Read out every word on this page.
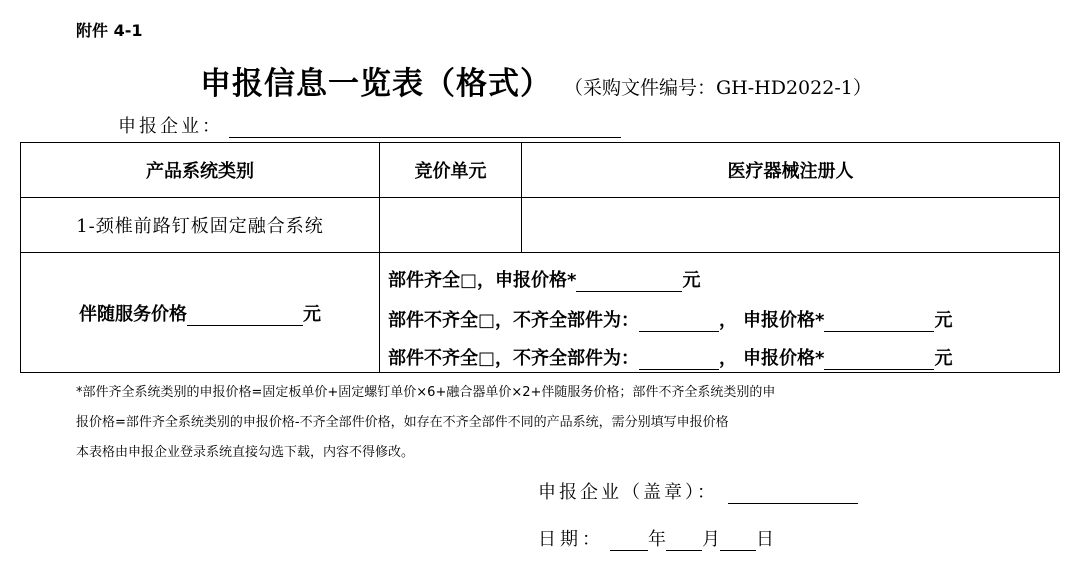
附件 4-1
申报信息一览表（格式） （采购文件编号：GH-HD2022-1）
申报企业：
产品系统类别	竞价单元	医疗器械注册人
1-颈椎前路钉板固定融合系统
伴随服务价格	元
部件齐全□， 申报价格*	元
部件不齐全□， 不齐全部件为：	， 申报价格*	元
部件不齐全□， 不齐全部件为：	， 申报价格*	元
*部件齐全系统类别的申报价格=固定板单价+固定螺钉单价×6+融合器单价×2+伴随服务价格；部件不齐全系统类别的申
报价格=部件齐全系统类别的申报价格-不齐全部件价格，如存在不齐全部件不同的产品系统，需分别填写申报价格
本表格由申报企业登录系统直接勾选下载，内容不得修改。
申报企业（盖章）：
日期： 年 月 日
